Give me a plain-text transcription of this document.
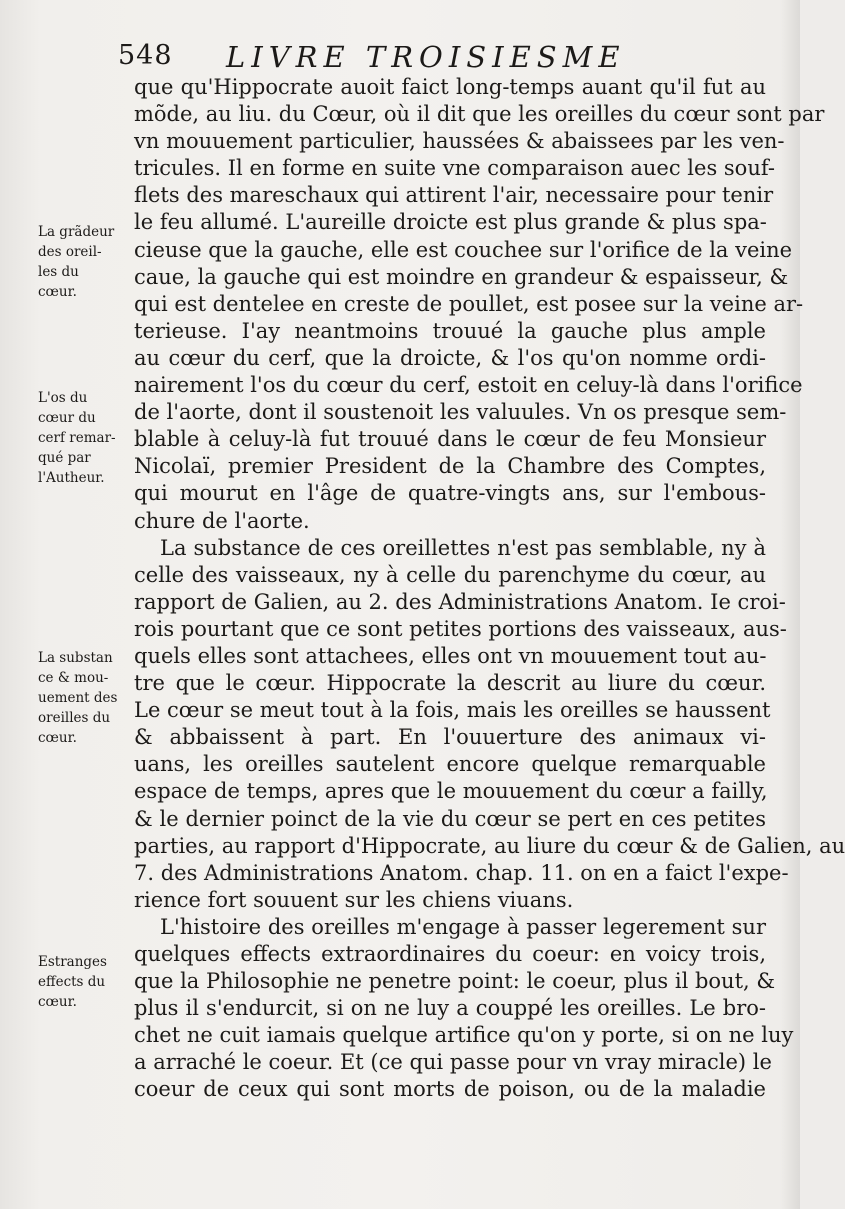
548 LIVRE TROISIESME
que qu'Hippocrate auoit faict long-temps auant qu'il fut au
mõde, au liu. du Cœur, où il dit que les oreilles du cœur sont par
vn mouuement particulier, haussées & abaissees par les ven-
tricules. Il en forme en suite vne comparaison auec les souf-
flets des mareschaux qui attirent l'air, necessaire pour tenir
le feu allumé. L'aureille droicte est plus grande & plus spa-
cieuse que la gauche, elle est couchee sur l'orifice de la veine
caue, la gauche qui est moindre en grandeur & espaisseur, &
qui est dentelee en creste de poullet, est posee sur la veine ar-
terieuse. I'ay neantmoins trouué la gauche plus ample
au cœur du cerf, que la droicte, & l'os qu'on nomme ordi-
nairement l'os du cœur du cerf, estoit en celuy-là dans l'orifice
de l'aorte, dont il soustenoit les valuules. Vn os presque sem-
blable à celuy-là fut trouué dans le cœur de feu Monsieur
Nicolaï, premier President de la Chambre des Comptes,
qui mourut en l'âge de quatre-vingts ans, sur l'embous-
chure de l'aorte.
La substance de ces oreillettes n'est pas semblable, ny à
celle des vaisseaux, ny à celle du parenchyme du cœur, au
rapport de Galien, au 2. des Administrations Anatom. Ie croi-
rois pourtant que ce sont petites portions des vaisseaux, aus-
quels elles sont attachees, elles ont vn mouuement tout au-
tre que le cœur. Hippocrate la descrit au liure du cœur.
Le cœur se meut tout à la fois, mais les oreilles se haussent
& abbaissent à part. En l'ouuerture des animaux vi-
uans, les oreilles sautelent encore quelque remarquable
espace de temps, apres que le mouuement du cœur a failly,
& le dernier poinct de la vie du cœur se pert en ces petites
parties, au rapport d'Hippocrate, au liure du cœur & de Galien, au
7. des Administrations Anatom. chap. 11. on en a faict l'expe-
rience fort souuent sur les chiens viuans.
L'histoire des oreilles m'engage à passer legerement sur
quelques effects extraordinaires du coeur: en voicy trois,
que la Philosophie ne penetre point: le coeur, plus il bout, &
plus il s'endurcit, si on ne luy a couppé les oreilles. Le bro-
chet ne cuit iamais quelque artifice qu'on y porte, si on ne luy
a arraché le coeur. Et (ce qui passe pour vn vray miracle) le
coeur de ceux qui sont morts de poison, ou de la maladie
La grãdeur
des oreil-
les du
cœur.
L'os du
cœur du
cerf remar-
qué par
l'Autheur.
La substan
ce & mou-
uement des
oreilles du
cœur.
Estranges
effects du
cœur.
